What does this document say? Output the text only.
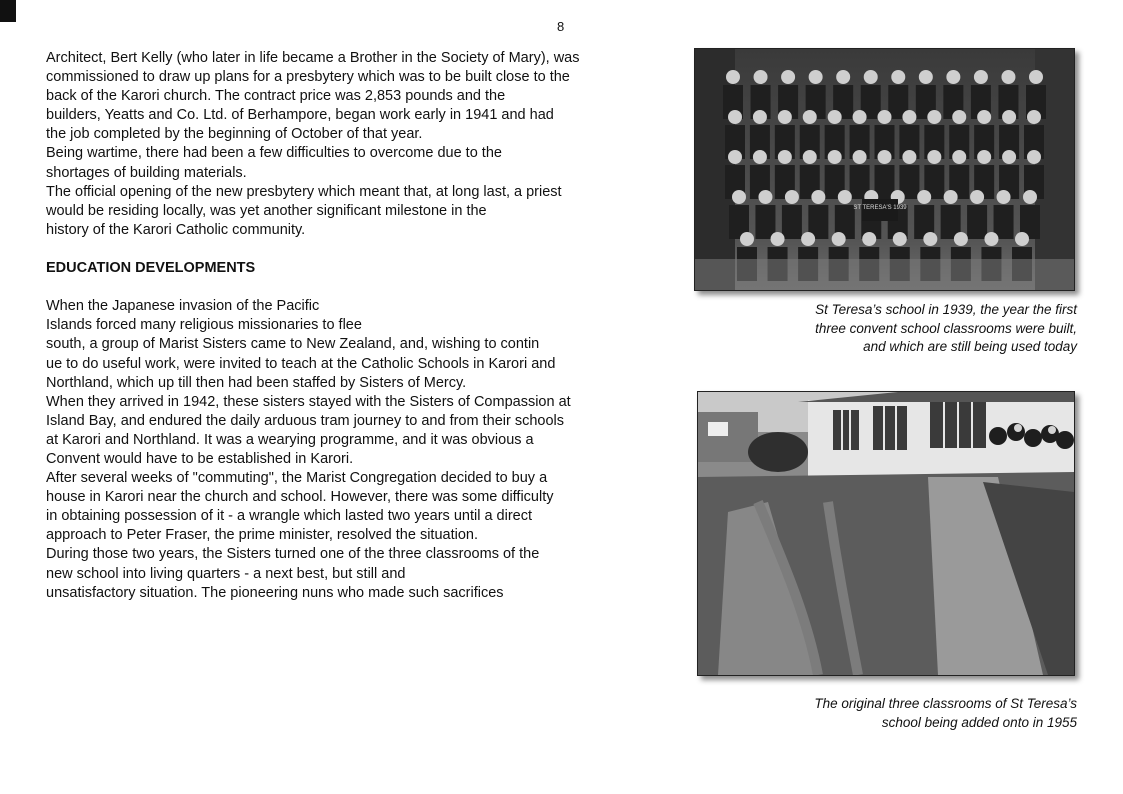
8
Architect, Bert Kelly (who later in life became a Brother in the Society of Mary), was
commissioned to draw up plans for a presbytery which was to be built close to the
back of the Karori church. The contract price was 2,853 pounds and the
builders, Yeatts and Co. Ltd. of Berhampore, began work early in 1941 and had
the job completed by the beginning of October of that year.
Being wartime, there had been a few difficulties to overcome due to the
shortages of building materials.
The official opening of the new presbytery which meant that, at long last, a priest
would be residing locally, was yet another significant milestone in the
history of the Karori Catholic community.
EDUCATION DEVELOPMENTS
When the Japanese invasion of the Pacific
Islands forced many religious missionaries to flee
south, a group of Marist Sisters came to New Zealand, and, wishing to contin
ue to do useful work, were invited to teach at the Catholic Schools in Karori and
Northland, which up till then had been staffed by Sisters of Mercy.
When they arrived in 1942, these sisters stayed with the Sisters of Compassion at
Island Bay, and endured the daily arduous tram journey to and from their schools
at Karori and Northland. It was a wearying programme, and it was obvious a
Convent would have to be established in Karori.
After several weeks of "commuting", the Marist Congregation decided to buy a
house in Karori near the church and school. However, there was some difficulty
in obtaining possession of it - a wrangle which lasted two years until a direct
approach to Peter Fraser, the prime minister, resolved the situation.
During those two years, the Sisters turned one of the three classrooms of the
new school into living quarters - a next best, but still and
unsatisfactory situation. The pioneering nuns who made such sacrifices
ST TERESA'S 1939
St Teresa’s school in 1939, the year the first
three convent school classrooms were built,
and which are still being used today
The original three classrooms of St Teresa’s
school being added onto in 1955
